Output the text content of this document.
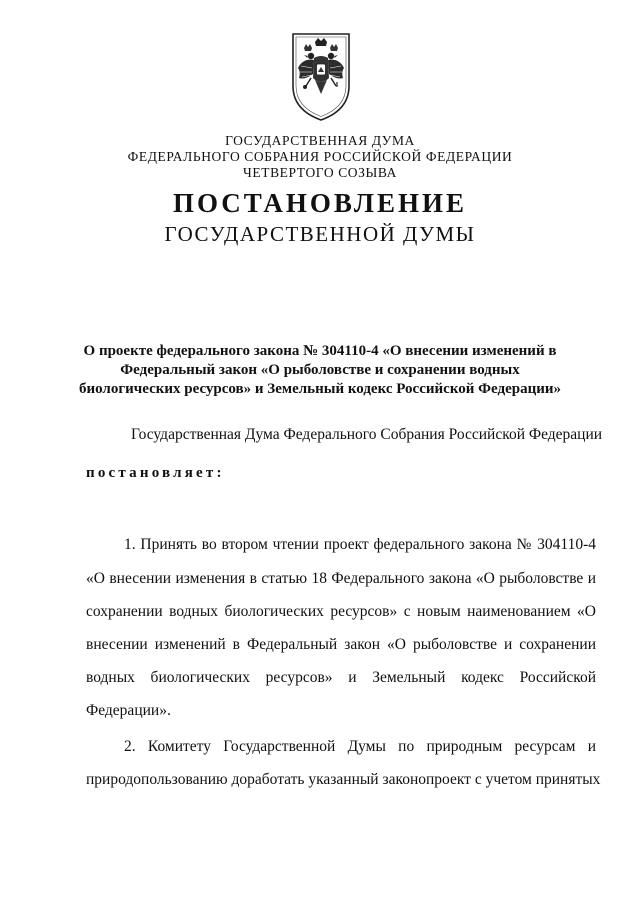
ГОСУДАРСТВЕННАЯ ДУМА
ФЕДЕРАЛЬНОГО СОБРАНИЯ РОССИЙСКОЙ ФЕДЕРАЦИИ
ЧЕТВЕРТОГО СОЗЫВА
ПОСТАНОВЛЕНИЕ
ГОСУДАРСТВЕННОЙ ДУМЫ
О проекте федерального закона № 304110-4 «О внесении изменений в
Федеральный закон «О рыболовстве и сохранении водных
биологических ресурсов» и Земельный кодекс Российской Федерации»
Государственная Дума Федерального Собрания Российской Федерации
постановляет:
1. Принять во втором чтении проект федерального закона № 304110-4
«О внесении изменения в статью 18 Федерального закона «О рыболовстве и
сохранении водных биологических ресурсов» с новым наименованием «О
внесении изменений в Федеральный закон «О рыболовстве и сохранении
водных биологических ресурсов» и Земельный кодекс Российской
Федерации».
2. Комитету Государственной Думы по природным ресурсам и
природопользованию доработать указанный законопроект с учетом принятых
